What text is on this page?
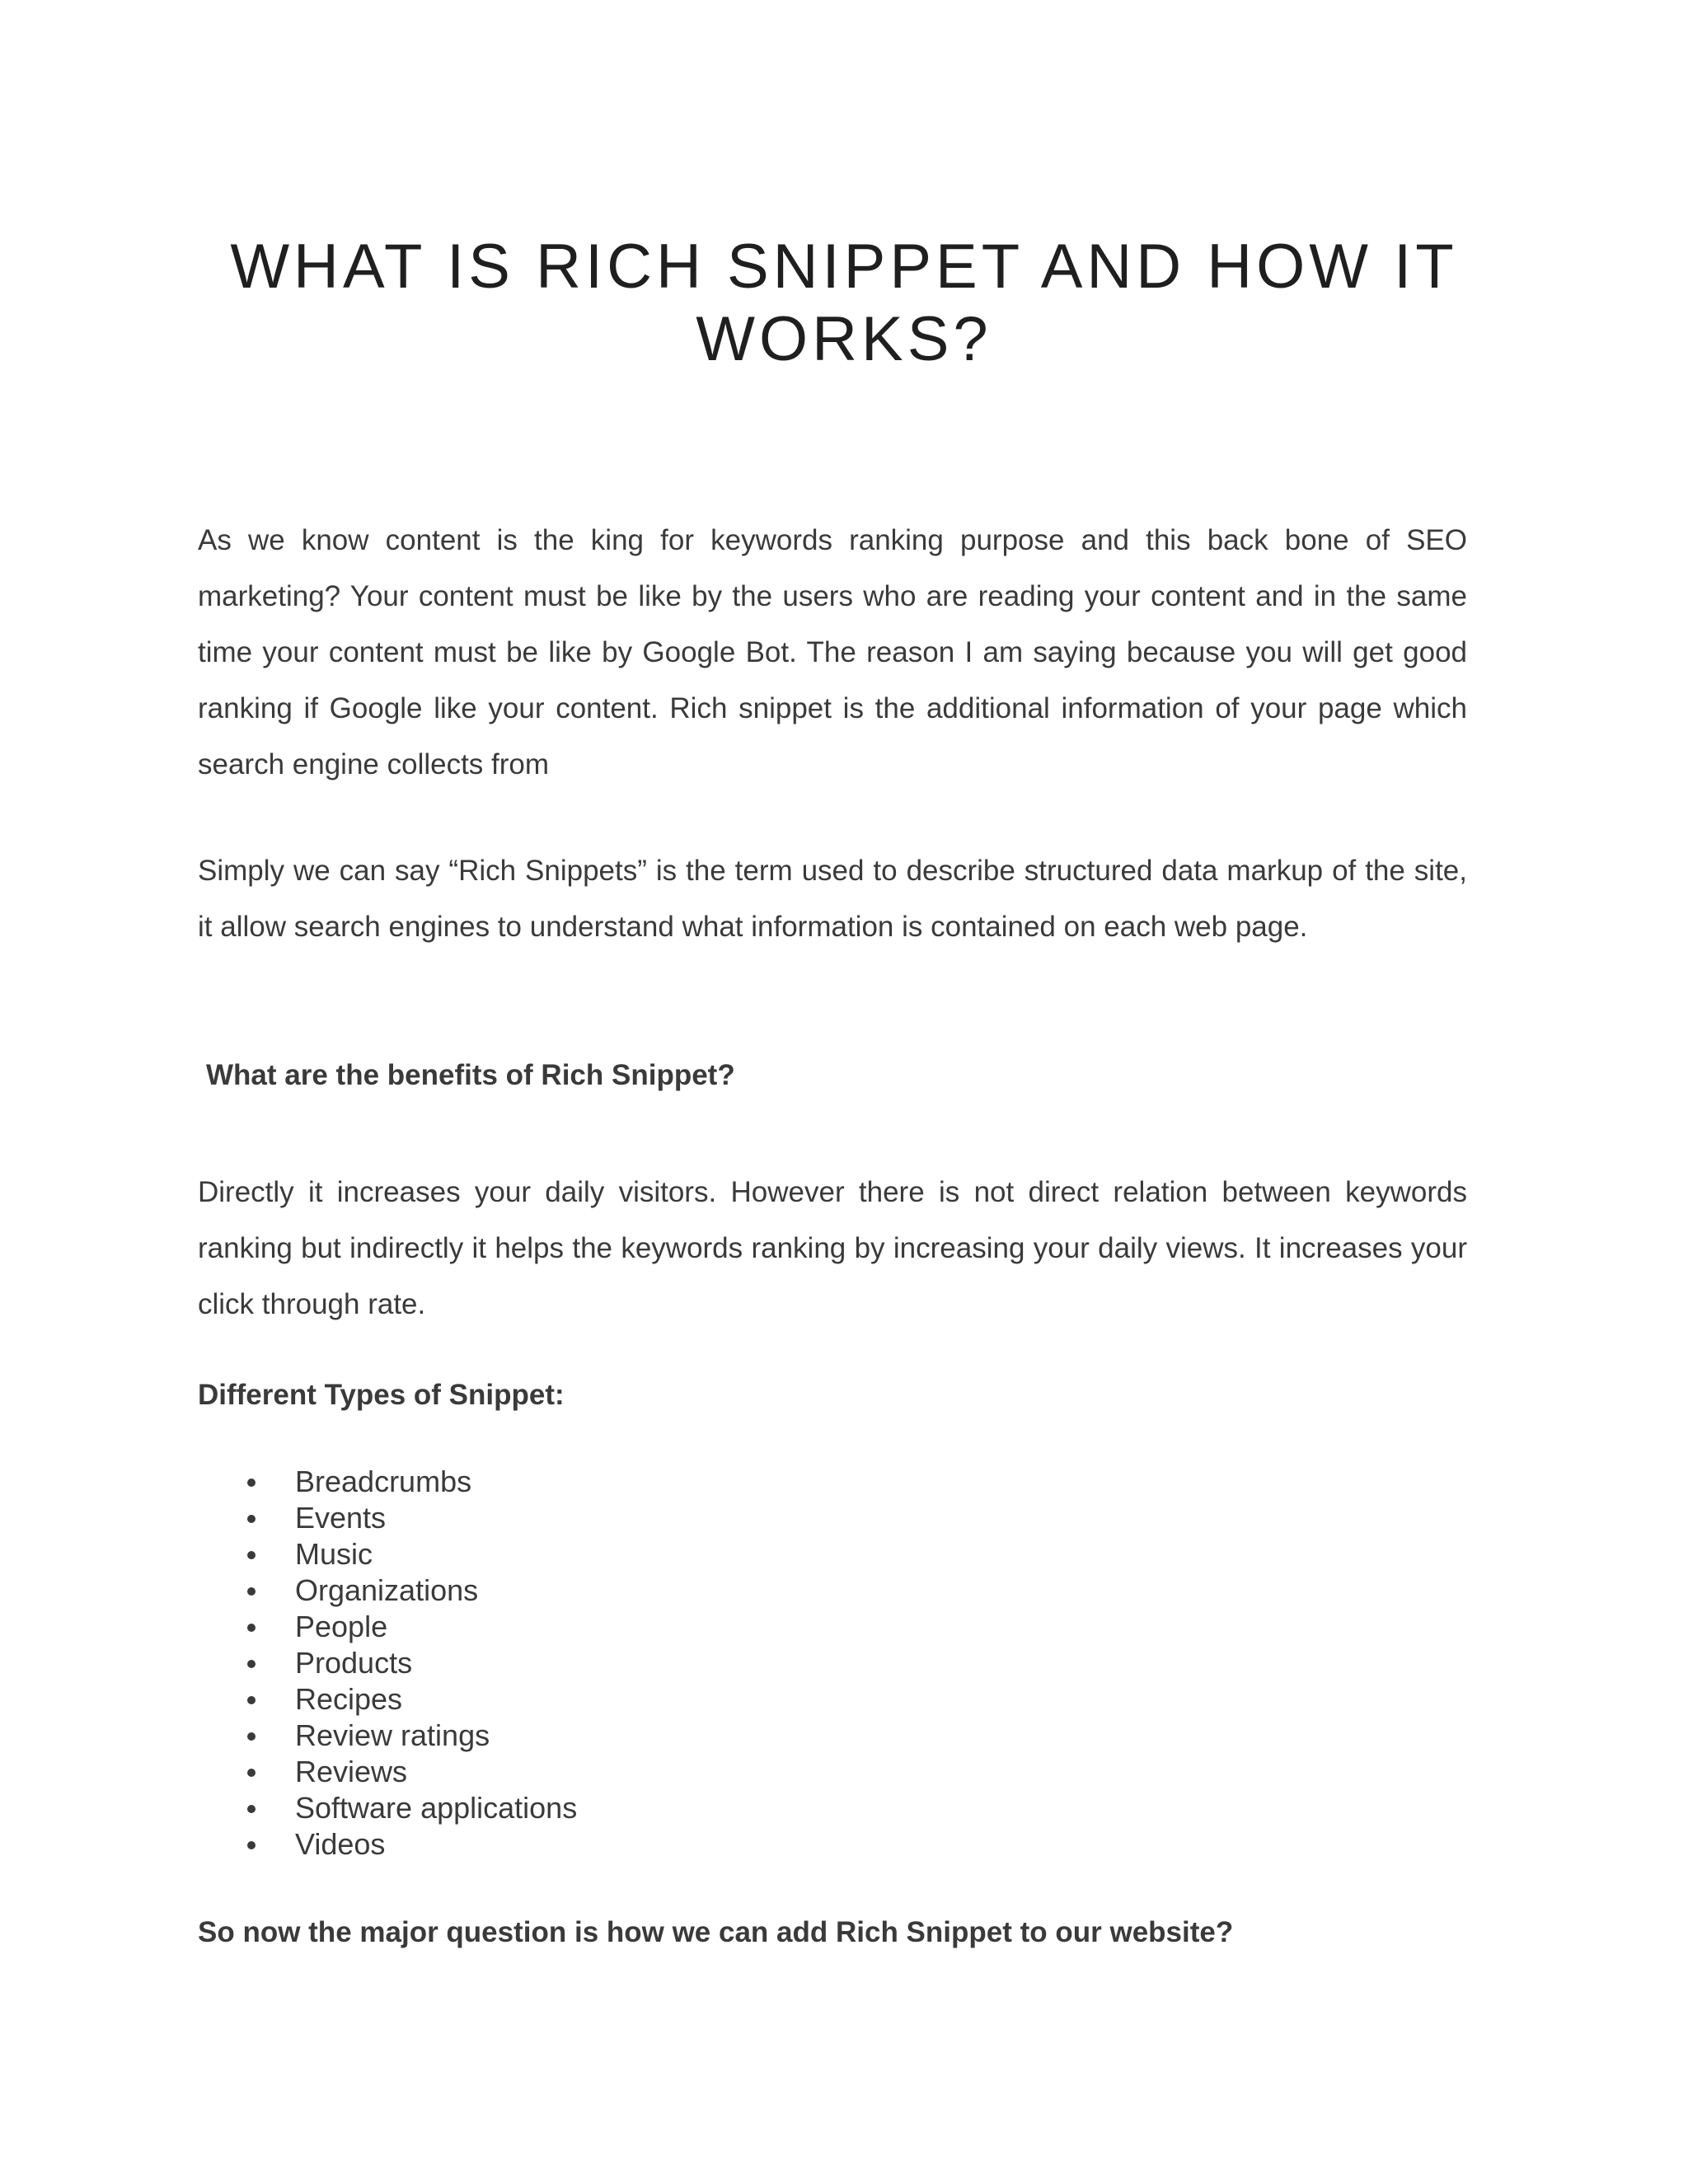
WHAT IS RICH SNIPPET AND HOW IT WORKS?

As we know content is the king for keywords ranking purpose and this back bone of SEO marketing? Your content must be like by the users who are reading your content and in the same time your content must be like by Google Bot. The reason I am saying because you will get good ranking if Google like your content. Rich snippet is the additional information of your page which search engine collects from

Simply we can say “Rich Snippets” is the term used to describe structured data markup of the site, it allow search engines to understand what information is contained on each web page.

What are the benefits of Rich Snippet?

Directly it increases your daily visitors. However there is not direct relation between keywords ranking but indirectly it helps the keywords ranking by increasing your daily views. It increases your click through rate.

Different Types of Snippet:

Breadcrumbs
Events
Music
Organizations
People
Products
Recipes
Review ratings
Reviews
Software applications
Videos

So now the major question is how we can add Rich Snippet to our website?
